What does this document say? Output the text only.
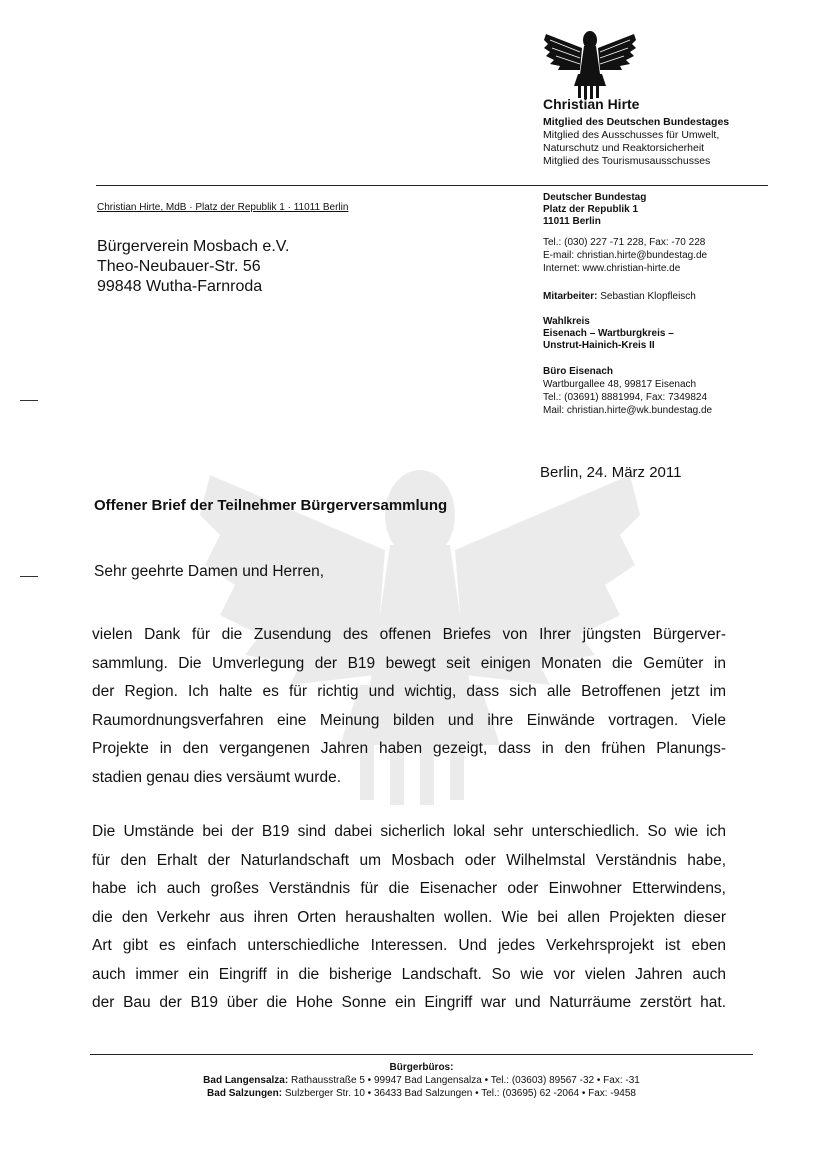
Christian Hirte
Mitglied des Deutschen Bundestages
Mitglied des Ausschusses für Umwelt,
Naturschutz und Reaktorsicherheit
Mitglied des Tourismusausschusses
Christian Hirte, MdB · Platz der Republik 1 · 11011 Berlin
Bürgerverein Mosbach e.V.
Theo-Neubauer-Str. 56
99848 Wutha-Farnroda
Deutscher Bundestag
Platz der Republik 1
11011 Berlin
Tel.: (030) 227 -71 228, Fax: -70 228
E-mail: christian.hirte@bundestag.de
Internet: www.christian-hirte.de
Mitarbeiter: Sebastian Klopfleisch
Wahlkreis
Eisenach – Wartburgkreis –
Unstrut-Hainich-Kreis II
Büro Eisenach
Wartburgallee 48, 99817 Eisenach
Tel.: (03691) 8881994, Fax: 7349824
Mail: christian.hirte@wk.bundestag.de
Berlin, 24. März 2011
Offener Brief der Teilnehmer Bürgerversammlung
Sehr geehrte Damen und Herren,
vielen Dank für die Zusendung des offenen Briefes von Ihrer jüngsten Bürgerver-
sammlung. Die Umverlegung der B19 bewegt seit einigen Monaten die Gemüter in
der Region. Ich halte es für richtig und wichtig, dass sich alle Betroffenen jetzt im
Raumordnungsverfahren eine Meinung bilden und ihre Einwände vortragen. Viele
Projekte in den vergangenen Jahren haben gezeigt, dass in den frühen Planungs-
stadien genau dies versäumt wurde.
Die Umstände bei der B19 sind dabei sicherlich lokal sehr unterschiedlich. So wie ich
für den Erhalt der Naturlandschaft um Mosbach oder Wilhelmstal Verständnis habe,
habe ich auch großes Verständnis für die Eisenacher oder Einwohner Etterwindens,
die den Verkehr aus ihren Orten heraushalten wollen. Wie bei allen Projekten dieser
Art gibt es einfach unterschiedliche Interessen. Und jedes Verkehrsprojekt ist eben
auch immer ein Eingriff in die bisherige Landschaft. So wie vor vielen Jahren auch
der Bau der B19 über die Hohe Sonne ein Eingriff war und Naturräume zerstört hat.
Bürgerbüros:
Bad Langensalza: Rathausstraße 5 • 99947 Bad Langensalza • Tel.: (03603) 89567 -32 • Fax: -31
Bad Salzungen: Sulzberger Str. 10 • 36433 Bad Salzungen • Tel.: (03695) 62 -2064 • Fax: -9458
